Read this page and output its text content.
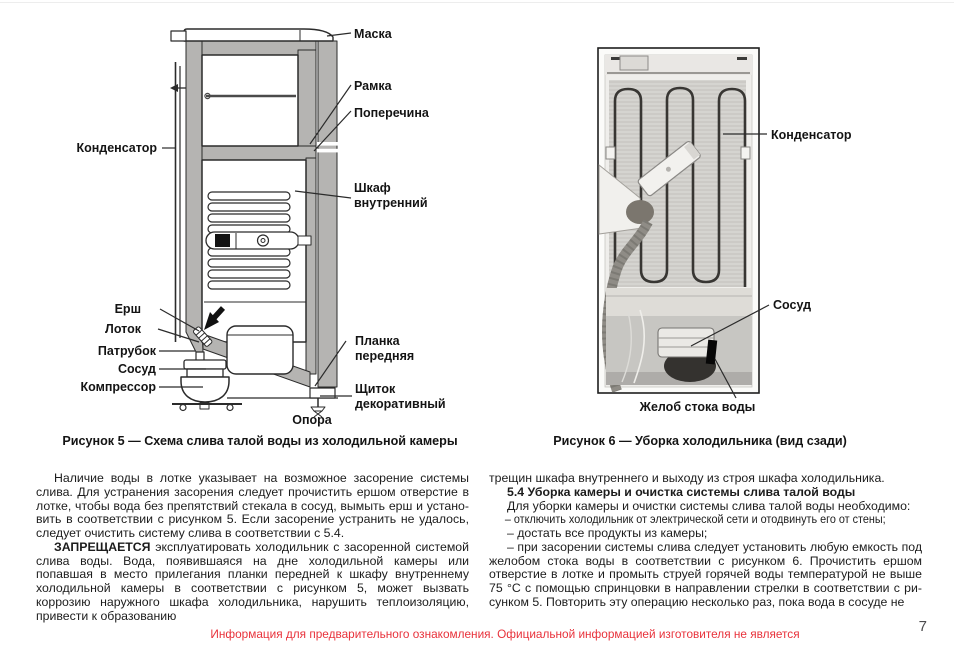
Маска
Рамка
Поперечина
Конденсатор
Шкаф внутренний
Ерш
Лоток
Патрубок
Сосуд
Компрессор
Планка передняя
Щиток декоративный
Опора
Рисунок 5 — Схема слива талой воды из холодильной камеры
Конденсатор
Сосуд
Желоб стока воды
Рисунок 6 — Уборка холодильника (вид сзади)

Наличие воды в лотке указывает на возможное засорение системы слива. Для устранения засорения следует прочистить ершом отверстие в лотке, чтобы вода без препятствий стекала в сосуд, вымыть ерш и установить в соответствии с рисунком 5. Если засорение устранить не удалось, следует очистить систему слива в соответствии с 5.4.

ЗАПРЕЩАЕТСЯ эксплуатировать холодильник с засоренной системой слива воды. Вода, появившаяся на дне холодильной камеры или попавшая в место прилегания планки передней к шкафу внутреннему холодильной камеры в соответствии с рисунком 5, может вызвать коррозию наружного шкафа холодильника, нарушить теплоизоляцию, привести к образованию

трещин шкафа внутреннего и выходу из строя шкафа холодильника.

5.4 Уборка камеры и очистка системы слива талой воды

Для уборки камеры и очистки системы слива талой воды необходимо:

– отключить холодильник от электрической сети и отодвинуть его от стены;

– достать все продукты из камеры;

– при засорении системы слива следует установить любую емкость под желобом стока воды в соответствии с рисунком 6. Прочистить ершом отверстие в лотке и промыть струей горячей воды температурой не выше 75 °С с помощью спринцовки в направлении стрелки в соответствии с рисунком 5. Повторить эту операцию несколько раз, пока вода в сосуде не

Информация для предварительного ознакомления. Официальной информацией изготовителя не является	7
